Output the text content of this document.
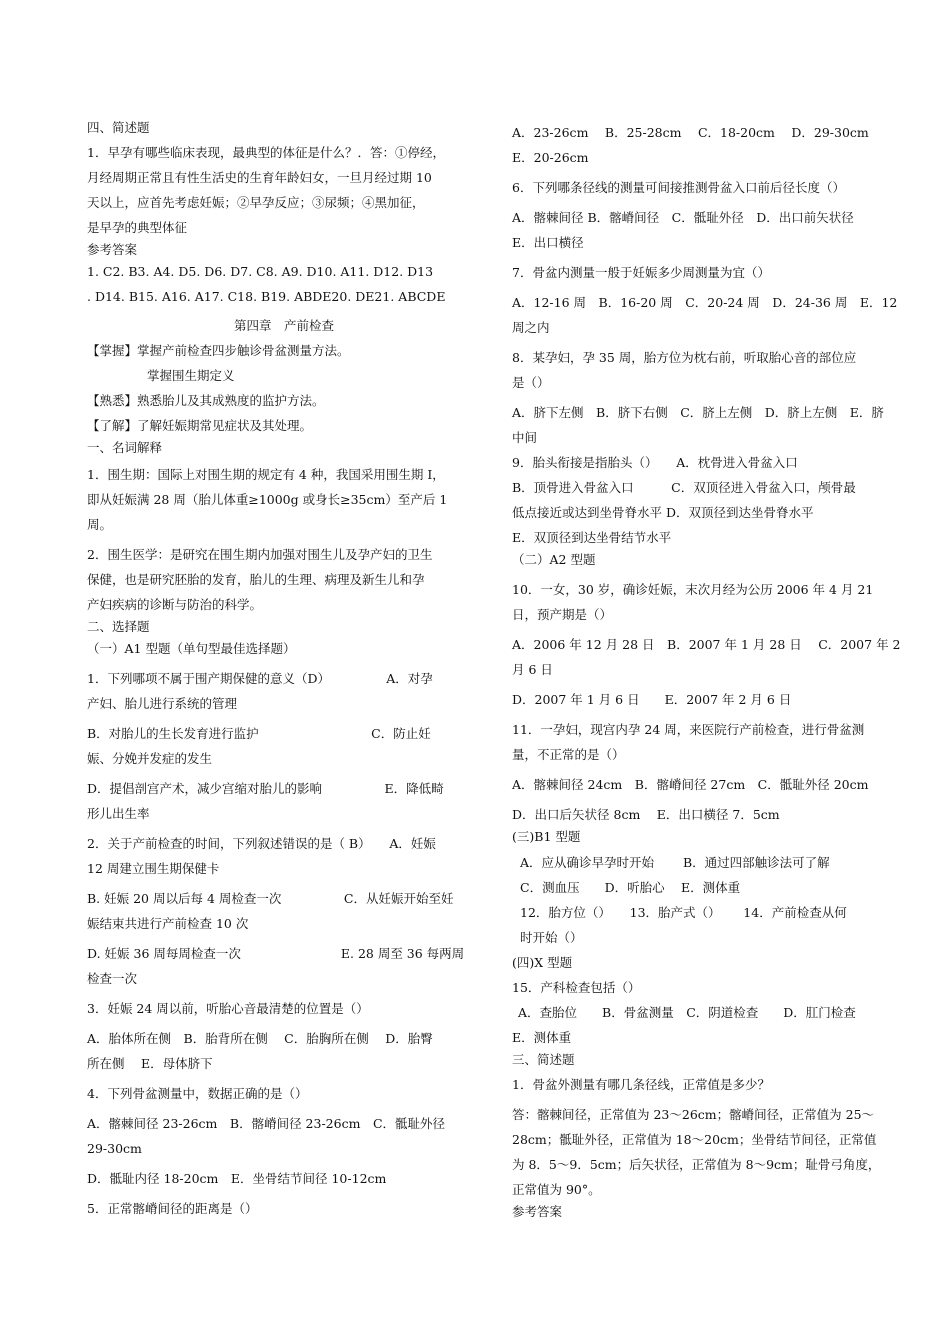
四、简述题
1．早孕有哪些临床表现，最典型的体征是什么？．答：①停经，
月经周期正常且有性生活史的生育年龄妇女，一旦月经过期 10
天以上，应首先考虑妊娠；②早孕反应；③尿频；④黑加征，
是早孕的典型体征
参考答案
1. C2. B3. A4. D5. D6. D7. C8. A9. D10. A11. D12. D13
. D14. B15. A16. A17. C18. B19. ABDE20. DE21. ABCDE
第四章　产前检查
【掌握】掌握产前检查四步触诊骨盆测量方法。
掌握围生期定义
【熟悉】熟悉胎儿及其成熟度的监护方法。
【了解】了解妊娠期常见症状及其处理。
一、名词解释
1．围生期：国际上对围生期的规定有 4 种，我国采用围生期 I，
即从妊娠满 28 周（胎儿体重≥1000g 或身长≥35cm）至产后 1
周。
2．围生医学：是研究在围生期内加强对围生儿及孕产妇的卫生
保健，也是研究胚胎的发育，胎儿的生理、病理及新生儿和孕
产妇疾病的诊断与防治的科学。
二、选择题
（一）A1 型题（单句型最佳选择题）
1．下列哪项不属于围产期保健的意义（D）　　　　　A．对孕
产妇、胎儿进行系统的管理
B．对胎儿的生长发育进行监护　　　　　　　　　C．防止妊
娠、分娩并发症的发生
D．提倡剖宫产术，减少宫缩对胎儿的影响　　　　　E．降低畸
形儿出生率
2．关于产前检查的时间，下列叙述错误的是（ B）　　A．妊娠
12 周建立围生期保健卡
B. 妊娠 20 周以后每 4 周检查一次　　　　　C．从妊娠开始至妊
娠结束共进行产前检查 10 次
D. 妊娠 36 周每周检查一次　　　　　　　　E. 28 周至 36 每两周
检查一次
3．妊娠 24 周以前，听胎心音最清楚的位置是（）
A．胎体所在侧　B．胎背所在侧　 C．胎胸所在侧　 D．胎臀
所在侧　 E．母体脐下
4．下列骨盆测量中，数据正确的是（）
A．髂棘间径 23-26cm　B．髂嵴间径 23-26cm　C．骶耻外径
29-30cm
D．骶耻内径 18-20cm　E．坐骨结节间径 10-12cm
5．正常髂嵴间径的距离是（）
A．23-26cm　 B．25-28cm　 C．18-20cm　 D．29-30cm
E．20-26cm
6．下列哪条径线的测量可间接推测骨盆入口前后径长度（）
A．髂棘间径 B．髂嵴间径　C．骶耻外径　D．出口前矢状径
E．出口横径
7．骨盆内测量一般于妊娠多少周测量为宜（）
A．12-16 周　B．16-20 周　C．20-24 周　D．24-36 周　E．12
周之内
8．某孕妇，孕 35 周，胎方位为枕右前，听取胎心音的部位应
是（）
A．脐下左侧　B．脐下右侧　C．脐上左侧　D．脐上左侧　E．脐
中间
9．胎头衔接是指胎头（）　　A．枕骨进入骨盆入口
B．顶骨进入骨盆入口　　　C．双顶径进入骨盆入口，颅骨最
低点接近或达到坐骨脊水平 D．双顶径到达坐骨脊水平
E．双顶径到达坐骨结节水平
（二）A2 型题
10．一女，30 岁，确诊妊娠，末次月经为公历 2006 年 4 月 21
日，预产期是（）
A．2006 年 12 月 28 日　B．2007 年 1 月 28 日　 C．2007 年 2
月 6 日
D．2007 年 1 月 6 日　　E．2007 年 2 月 6 日
11．一孕妇，现宫内孕 24 周，来医院行产前检查，进行骨盆测
量，不正常的是（）
A．髂棘间径 24cm　B．髂嵴间径 27cm　C．骶耻外径 20cm
D．出口后矢状径 8cm　 E．出口横径 7．5cm
(三)B1 型题
A．应从确诊早孕时开始　　 B．通过四部触诊法可了解
C．测血压　　D．听胎心　 E．测体重
12．胎方位（）　　13．胎产式（）　　 14．产前检查从何
时开始（）
(四)X 型题
15．产科检查包括（）
A．查胎位　　B．骨盆测量　C．阴道检查　　D．肛门检查
E．测体重
三、简述题
1．骨盆外测量有哪几条径线，正常值是多少？
答：髂棘间径，正常值为 23～26cm；髂嵴间径，正常值为 25～
28cm；骶耻外径，正常值为 18～20cm；坐骨结节间径，正常值
为 8．5～9．5cm；后矢状径，正常值为 8～9cm；耻骨弓角度，
正常值为 90°。
参考答案
